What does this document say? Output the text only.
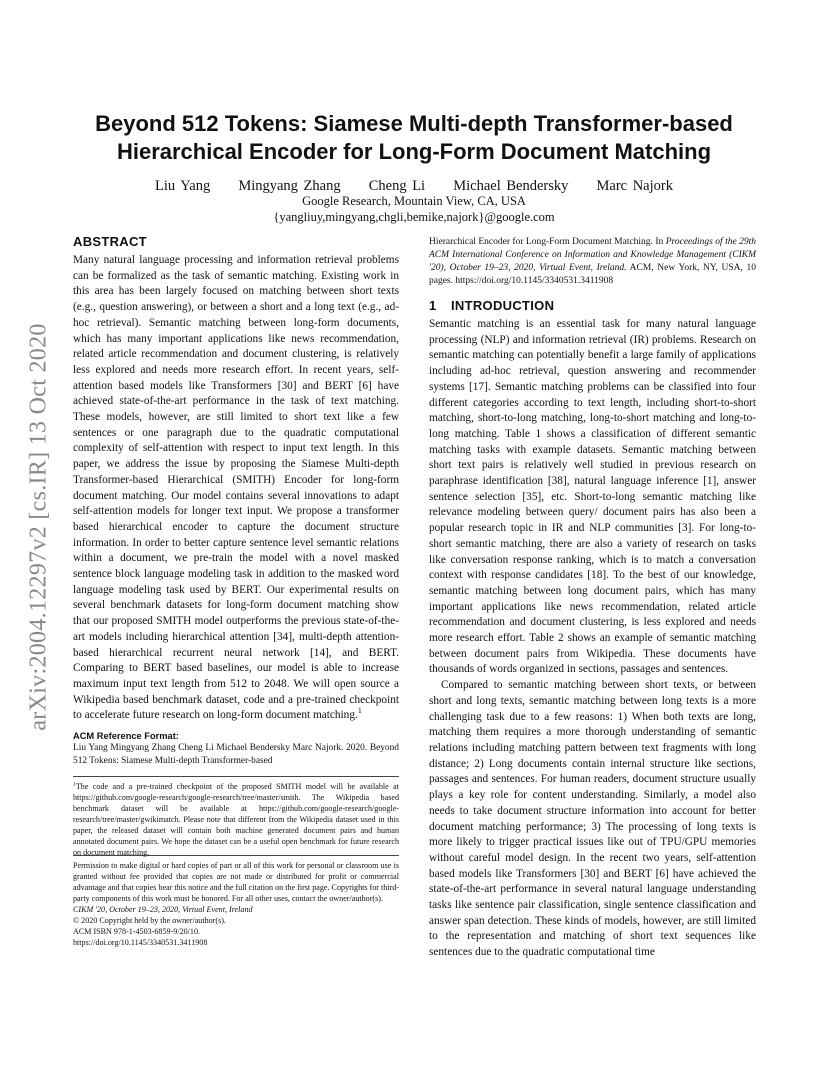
arXiv:2004.12297v2 [cs.IR] 13 Oct 2020
Beyond 512 Tokens: Siamese Multi-depth Transformer-based
Hierarchical Encoder for Long-Form Document Matching
Liu Yang     Mingyang Zhang     Cheng Li     Michael Bendersky     Marc Najork
Google Research, Mountain View, CA, USA
{yangliuy,mingyang,chgli,bemike,najork}@google.com
ABSTRACT

Many natural language processing and information retrieval problems can be formalized as the task of semantic matching. Existing work in this area has been largely focused on matching between short texts (e.g., question answering), or between a short and a long text (e.g., ad-hoc retrieval). Semantic matching between long-form documents, which has many important applications like news recommendation, related article recommendation and document clustering, is relatively less explored and needs more research effort. In recent years, self-attention based models like Transformers [30] and BERT [6] have achieved state-of-the-art performance in the task of text matching. These models, however, are still limited to short text like a few sentences or one paragraph due to the quadratic computational complexity of self-attention with respect to input text length. In this paper, we address the issue by proposing the Siamese Multi-depth Transformer-based Hierarchical (SMITH) Encoder for long-form document matching. Our model contains several innovations to adapt self-attention models for longer text input. We propose a transformer based hierarchical encoder to capture the document structure information. In order to better capture sentence level semantic relations within a document, we pre-train the model with a novel masked sentence block language modeling task in addition to the masked word language modeling task used by BERT. Our experimental results on several benchmark datasets for long-form document matching show that our proposed SMITH model outperforms the previous state-of-the-art models including hierarchical attention [34], multi-depth attention-based hierarchical recurrent neural network [14], and BERT. Comparing to BERT based baselines, our model is able to increase maximum input text length from 512 to 2048. We will open source a Wikipedia based benchmark dataset, code and a pre-trained checkpoint to accelerate future research on long-form document matching.$^1$

ACM Reference Format:

Liu Yang Mingyang Zhang Cheng Li Michael Bendersky Marc Najork. 2020. Beyond 512 Tokens: Siamese Multi-depth Transformer-based

$^1$The code and a pre-trained checkpoint of the proposed SMITH model will be available at https://github.com/google-research/google-research/tree/master/smith. The Wikipedia based benchmark dataset will be available at https://github.com/google-research/google-research/tree/master/gwikimatch. Please note that different from the Wikipedia dataset used in this paper, the released dataset will contain both machine generated document pairs and human annotated document pairs. We hope the dataset can be a useful open benchmark for future research on document matching.

Permission to make digital or hard copies of part or all of this work for personal or classroom use is granted without fee provided that copies are not made or distributed for profit or commercial advantage and that copies bear this notice and the full citation on the first page. Copyrights for third-party components of this work must be honored. For all other uses, contact the owner/author(s).

CIKM '20, October 19–23, 2020, Virtual Event, Ireland
© 2020 Copyright held by the owner/author(s).
ACM ISBN 978-1-4503-6859-9/20/10.
https://doi.org/10.1145/3340531.3411908

Hierarchical Encoder for Long-Form Document Matching. In Proceedings of the 29th ACM International Conference on Information and Knowledge Management (CIKM '20), October 19–23, 2020, Virtual Event, Ireland. ACM, New York, NY, USA, 10 pages. https://doi.org/10.1145/3340531.3411908

1 INTRODUCTION

Semantic matching is an essential task for many natural language processing (NLP) and information retrieval (IR) problems. Research on semantic matching can potentially benefit a large family of applications including ad-hoc retrieval, question answering and recommender systems [17]. Semantic matching problems can be classified into four different categories according to text length, including short-to-short matching, short-to-long matching, long-to-short matching and long-to-long matching. Table 1 shows a classification of different semantic matching tasks with example datasets. Semantic matching between short text pairs is relatively well studied in previous research on paraphrase identification [38], natural language inference [1], answer sentence selection [35], etc. Short-to-long semantic matching like relevance modeling between query/ document pairs has also been a popular research topic in IR and NLP communities [3]. For long-to-short semantic matching, there are also a variety of research on tasks like conversation response ranking, which is to match a conversation context with response candidates [18]. To the best of our knowledge, semantic matching between long document pairs, which has many important applications like news recommendation, related article recommendation and document clustering, is less explored and needs more research effort. Table 2 shows an example of semantic matching between document pairs from Wikipedia. These documents have thousands of words organized in sections, passages and sentences.

Compared to semantic matching between short texts, or between short and long texts, semantic matching between long texts is a more challenging task due to a few reasons: 1) When both texts are long, matching them requires a more thorough understanding of semantic relations including matching pattern between text fragments with long distance; 2) Long documents contain internal structure like sections, passages and sentences. For human readers, document structure usually plays a key role for content understanding. Similarly, a model also needs to take document structure information into account for better document matching performance; 3) The processing of long texts is more likely to trigger practical issues like out of TPU/GPU memories without careful model design. In the recent two years, self-attention based models like Transformers [30] and BERT [6] have achieved the state-of-the-art performance in several natural language understanding tasks like sentence pair classification, single sentence classification and answer span detection. These kinds of models, however, are still limited to the representation and matching of short text sequences like sentences due to the quadratic computational time
